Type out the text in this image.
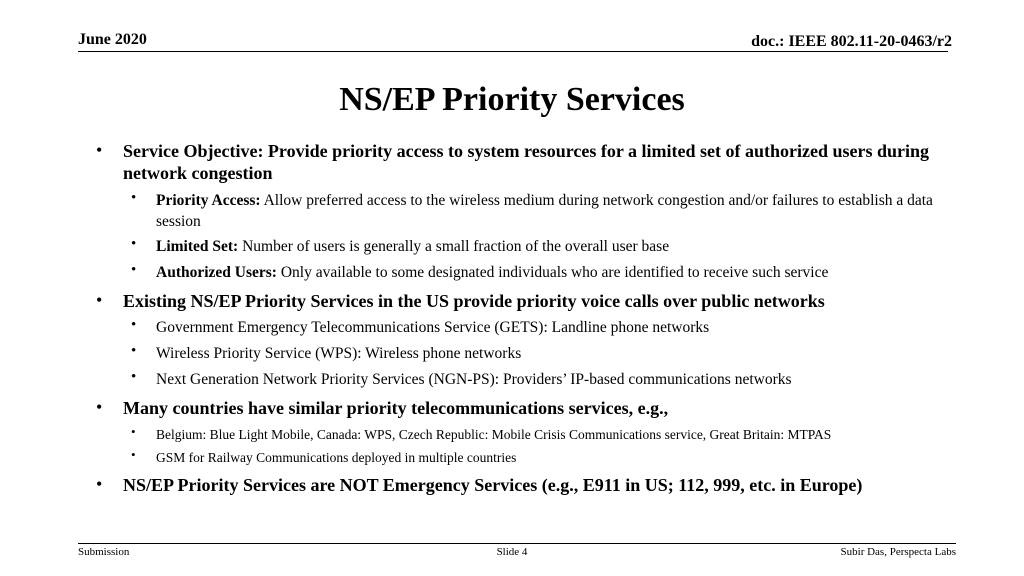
June 2020	doc.: IEEE 802.11-20-0463/r2
NS/EP Priority Services
• Service Objective: Provide priority access to system resources for a limited set of authorized users during network congestion
• Priority Access: Allow preferred access to the wireless medium during network congestion and/or failures to establish a data session
• Limited Set: Number of users is generally a small fraction of the overall user base
• Authorized Users: Only available to some designated individuals who are identified to receive such service
• Existing NS/EP Priority Services in the US provide priority voice calls over public networks
• Government Emergency Telecommunications Service (GETS): Landline phone networks
• Wireless Priority Service (WPS): Wireless phone networks
• Next Generation Network Priority Services (NGN-PS): Providers’ IP-based communications networks
• Many countries have similar priority telecommunications services, e.g.,
• Belgium: Blue Light Mobile, Canada: WPS, Czech Republic: Mobile Crisis Communications service, Great Britain: MTPAS
• GSM for Railway Communications deployed in multiple countries
• NS/EP Priority Services are NOT Emergency Services (e.g., E911 in US; 112, 999, etc. in Europe)
Submission	Slide 4	Subir Das, Perspecta Labs
